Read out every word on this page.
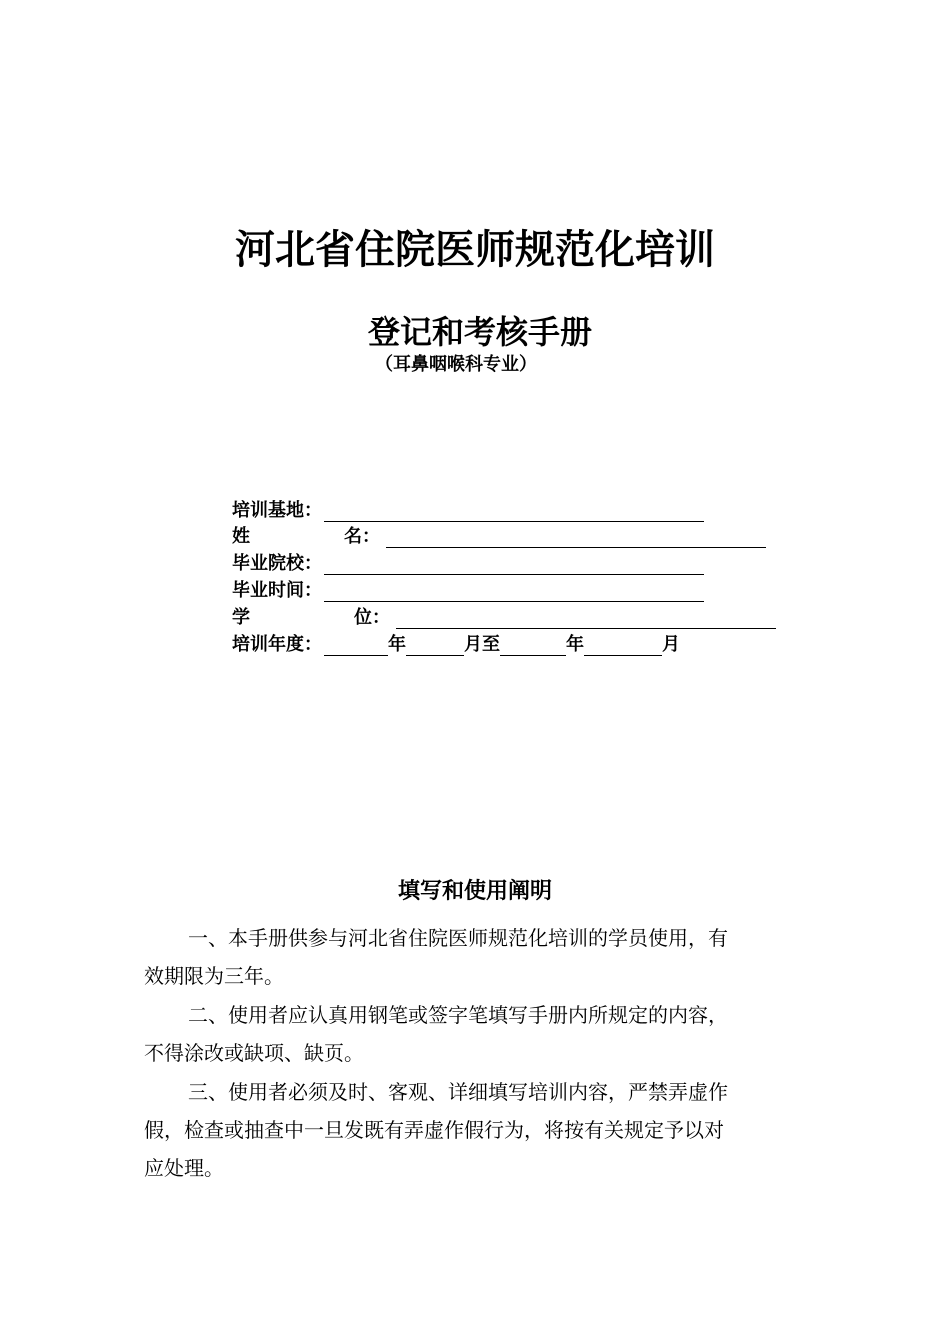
河北省住院医师规范化培训
登记和考核手册
（耳鼻咽喉科专业）
培训基地：
姓	名：
毕业院校：
毕业时间：
学	位：
培训年度：	年	月至	年	月
填写和使用阐明
一、本手册供参与河北省住院医师规范化培训的学员使用，有
效期限为三年。
二、使用者应认真用钢笔或签字笔填写手册内所规定的内容，
不得涂改或缺项、缺页。
三、使用者必须及时、客观、详细填写培训内容，严禁弄虚作
假，检查或抽查中一旦发既有弄虚作假行为，将按有关规定予以对
应处理。
